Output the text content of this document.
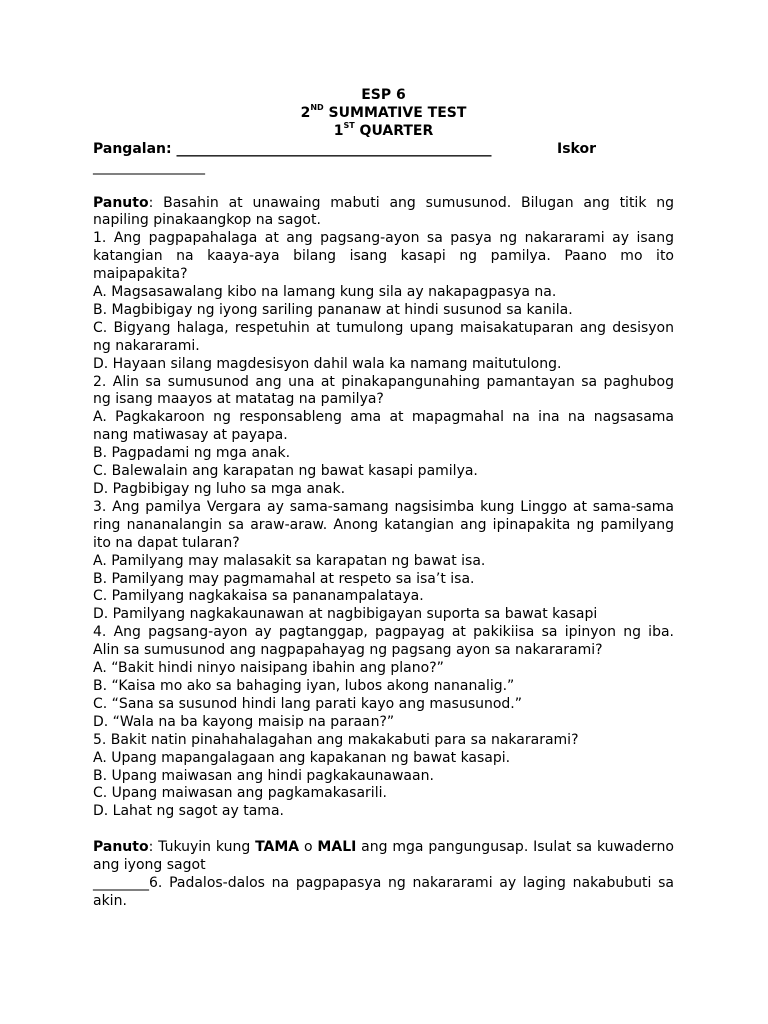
ESP 6
2ND SUMMATIVE TEST
1ST QUARTER
Pangalan: _____________________________________________	Iskor
________________
Panuto: Basahin at unawaing mabuti ang sumusunod. Bilugan ang titik ng napiling pinakaangkop na sagot.
1. Ang pagpapahalaga at ang pagsang-ayon sa pasya ng nakararami ay isang katangian na kaaya-aya bilang isang kasapi ng pamilya. Paano mo ito maipapakita?
A. Magsasawalang kibo na lamang kung sila ay nakapagpasya na.
B. Magbibigay ng iyong sariling pananaw at hindi susunod sa kanila.
C. Bigyang halaga, respetuhin at tumulong upang maisakatuparan ang desisyon ng nakararami.
D. Hayaan silang magdesisyon dahil wala ka namang maitutulong.
2. Alin sa sumusunod ang una at pinakapangunahing pamantayan sa paghubog ng isang maayos at matatag na pamilya?
A. Pagkakaroon ng responsableng ama at mapagmahal na ina na nagsasama nang matiwasay at payapa.
B. Pagpadami ng mga anak.
C. Balewalain ang karapatan ng bawat kasapi pamilya.
D. Pagbibigay ng luho sa mga anak.
3. Ang pamilya Vergara ay sama-samang nagsisimba kung Linggo at sama-sama ring nananalangin sa araw-araw. Anong katangian ang ipinapakita ng pamilyang ito na dapat tularan?
A. Pamilyang may malasakit sa karapatan ng bawat isa.
B. Pamilyang may pagmamahal at respeto sa isa’t isa.
C. Pamilyang nagkakaisa sa pananampalataya.
D. Pamilyang nagkakaunawan at nagbibigayan suporta sa bawat kasapi
4. Ang pagsang-ayon ay pagtanggap, pagpayag at pakikiisa sa ipinyon ng iba. Alin sa sumusunod ang nagpapahayag ng pagsang ayon sa nakararami?
A. “Bakit hindi ninyo naisipang ibahin ang plano?”
B. “Kaisa mo ako sa bahaging iyan, lubos akong nananalig.”
C. “Sana sa susunod hindi lang parati kayo ang masusunod.”
D. “Wala na ba kayong maisip na paraan?”
5. Bakit natin pinahahalagahan ang makakabuti para sa nakararami?
A. Upang mapangalagaan ang kapakanan ng bawat kasapi.
B. Upang maiwasan ang hindi pagkakaunawaan.
C. Upang maiwasan ang pagkamakasarili.
D. Lahat ng sagot ay tama.
Panuto: Tukuyin kung TAMA o MALI ang mga pangungusap. Isulat sa kuwaderno ang iyong sagot
________6. Padalos-dalos na pagpapasya ng nakararami ay laging nakabubuti sa akin.
